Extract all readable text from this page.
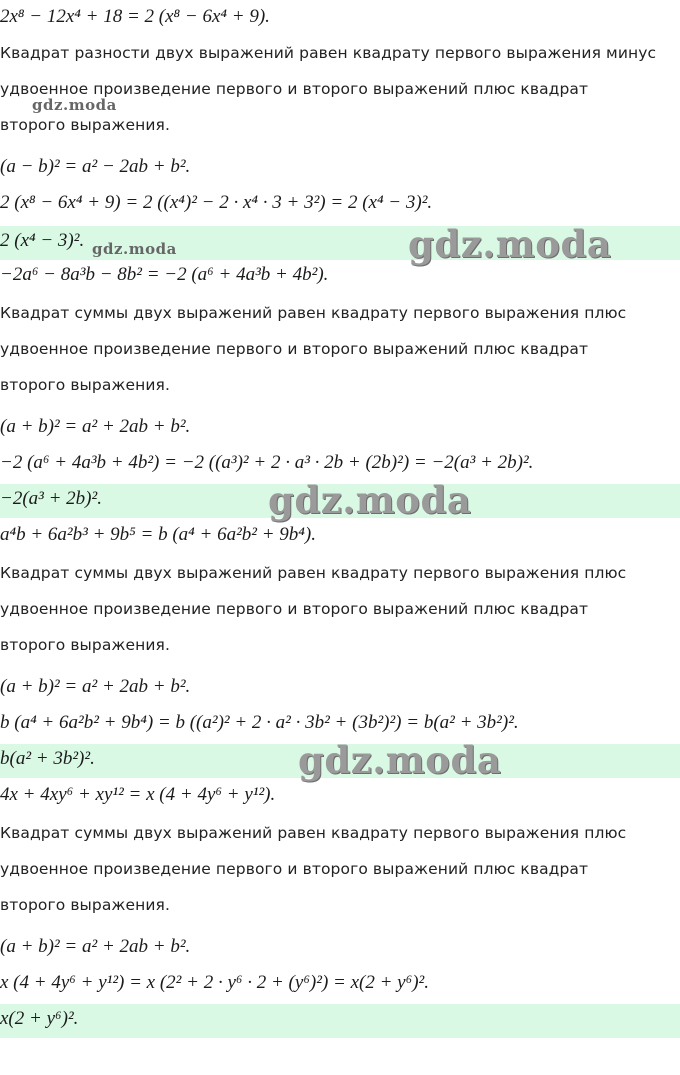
2x⁸ − 12x⁴ + 18 = 2 (x⁸ − 6x⁴ + 9).
Квадрат разности двух выражений равен квадрату первого выражения минус
удвоенное произведение первого и второго выражений плюс квадрат
gdz.moda
второго выражения.
(a − b)² = a² − 2ab + b².
2 (x⁸ − 6x⁴ + 9) = 2 ((x⁴)² − 2 · x⁴ · 3 + 3²) = 2 (x⁴ − 3)².
2 (x⁴ − 3)². gdz.moda	gdz.moda
−2a⁶ − 8a³b − 8b² = −2 (a⁶ + 4a³b + 4b²).
Квадрат суммы двух выражений равен квадрату первого выражения плюс
удвоенное произведение первого и второго выражений плюс квадрат
второго выражения.
(a + b)² = a² + 2ab + b².
−2 (a⁶ + 4a³b + 4b²) = −2 ((a³)² + 2 · a³ · 2b + (2b)²) = −2(a³ + 2b)².
−2(a³ + 2b)².	gdz.moda
a⁴b + 6a²b³ + 9b⁵ = b (a⁴ + 6a²b² + 9b⁴).
Квадрат суммы двух выражений равен квадрату первого выражения плюс
удвоенное произведение первого и второго выражений плюс квадрат
второго выражения.
(a + b)² = a² + 2ab + b².
b (a⁴ + 6a²b² + 9b⁴) = b ((a²)² + 2 · a² · 3b² + (3b²)²) = b(a² + 3b²)².
b(a² + 3b²)².	gdz.moda
4x + 4xy⁶ + xy¹² = x (4 + 4y⁶ + y¹²).
Квадрат суммы двух выражений равен квадрату первого выражения плюс
удвоенное произведение первого и второго выражений плюс квадрат
второго выражения.
(a + b)² = a² + 2ab + b².
x (4 + 4y⁶ + y¹²) = x (2² + 2 · y⁶ · 2 + (y⁶)²) = x(2 + y⁶)².
x(2 + y⁶)².
